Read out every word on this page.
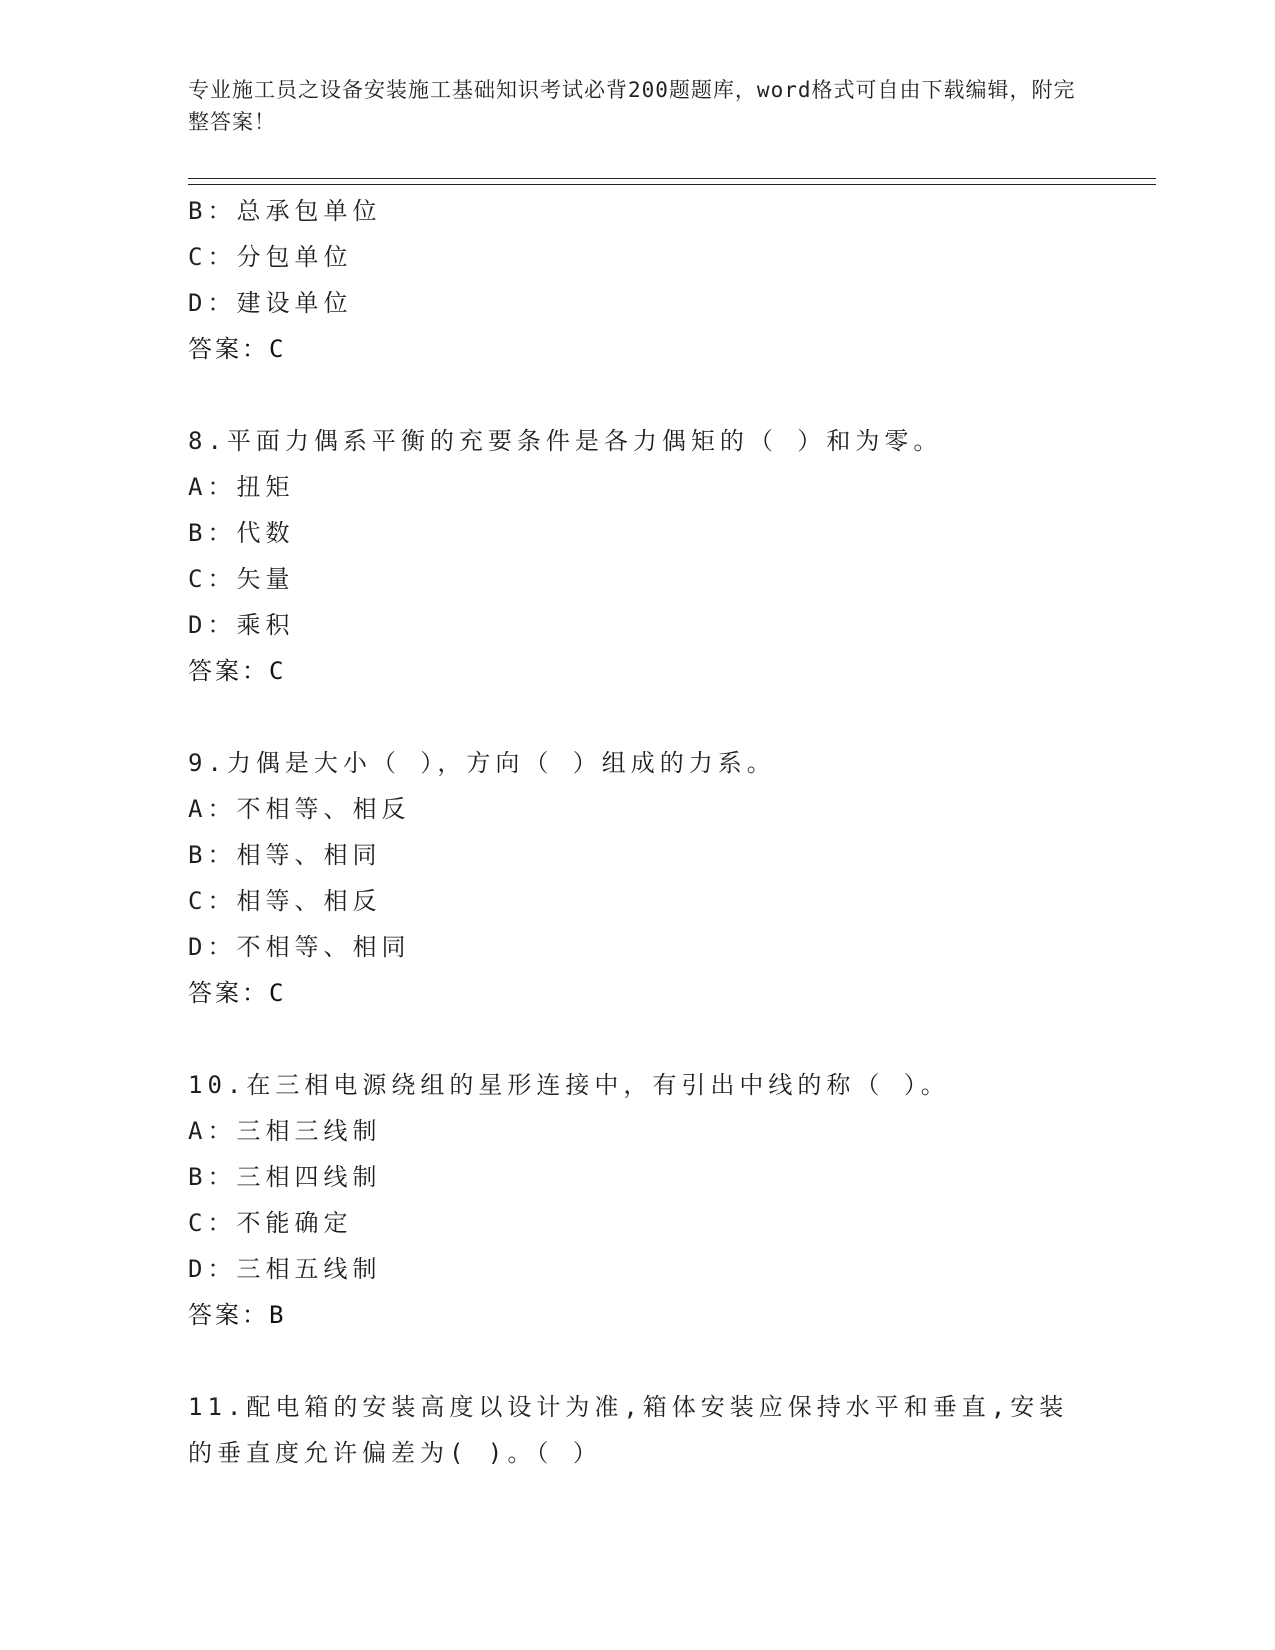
专业施工员之设备安装施工基础知识考试必背200题题库，word格式可自由下载编辑，附完整答案！
B：总承包单位
C：分包单位
D：建设单位
答案：C
8.平面力偶系平衡的充要条件是各力偶矩的（ ）和为零。
A：扭矩
B：代数
C：矢量
D：乘积
答案：C
9.力偶是大小（ ），方向（ ）组成的力系。
A：不相等、相反
B：相等、相同
C：相等、相反
D：不相等、相同
答案：C
10.在三相电源绕组的星形连接中，有引出中线的称（ ）。
A：三相三线制
B：三相四线制
C：不能确定
D：三相五线制
答案：B
11.配电箱的安装高度以设计为准,箱体安装应保持水平和垂直,安装的垂直度允许偏差为( )。（ ）
